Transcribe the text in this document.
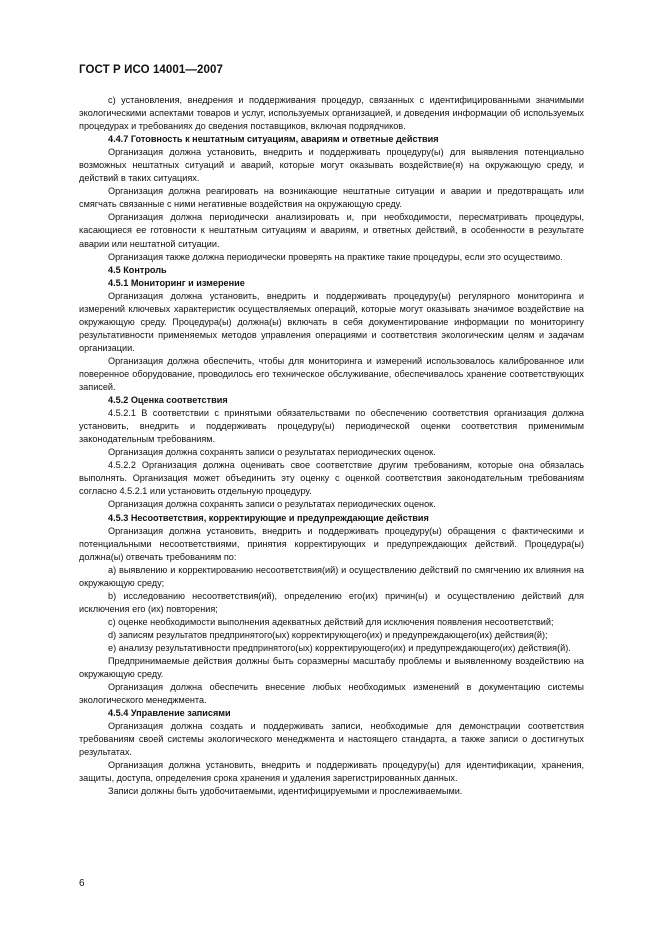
ГОСТ Р ИСО 14001—2007

с) установления, внедрения и поддерживания процедур, связанных с идентифицированными значимыми экологическими аспектами товаров и услуг, используемых организацией, и доведения информации об используемых процедурах и требованиях до сведения поставщиков, включая подрядчиков.

4.4.7 Готовность к нештатным ситуациям, авариям и ответные действия

Организация должна установить, внедрить и поддерживать процедуру(ы) для выявления потенциально возможных нештатных ситуаций и аварий, которые могут оказывать воздействие(я) на окружающую среду, и действий в таких ситуациях.

Организация должна реагировать на возникающие нештатные ситуации и аварии и предотвращать или смягчать связанные с ними негативные воздействия на окружающую среду.

Организация должна периодически анализировать и, при необходимости, пересматривать процедуры, касающиеся ее готовности к нештатным ситуациям и авариям, и ответных действий, в особенности в результате аварии или нештатной ситуации.

Организация также должна периодически проверять на практике такие процедуры, если это осуществимо.

4.5 Контроль

4.5.1 Мониторинг и измерение

Организация должна установить, внедрить и поддерживать процедуру(ы) регулярного мониторинга и измерений ключевых характеристик осуществляемых операций, которые могут оказывать значимое воздействие на окружающую среду. Процедура(ы) должна(ы) включать в себя документирование информации по мониторингу результативности применяемых методов управления операциями и соответствия экологическим целям и задачам организации.

Организация должна обеспечить, чтобы для мониторинга и измерений использовалось калиброванное или поверенное оборудование, проводилось его техническое обслуживание, обеспечивалось хранение соответствующих записей.

4.5.2 Оценка соответствия

4.5.2.1 В соответствии с принятыми обязательствами по обеспечению соответствия организация должна установить, внедрить и поддерживать процедуру(ы) периодической оценки соответствия применимым законодательным требованиям.

Организация должна сохранять записи о результатах периодических оценок.

4.5.2.2 Организация должна оценивать свое соответствие другим требованиям, которые она обязалась выполнять. Организация может объединить эту оценку с оценкой соответствия законодательным требованиям согласно 4.5.2.1 или установить отдельную процедуру.

Организация должна сохранять записи о результатах периодических оценок.

4.5.3 Несоответствия, корректирующие и предупреждающие действия

Организация должна установить, внедрить и поддерживать процедуру(ы) обращения с фактическими и потенциальными несоответствиями, принятия корректирующих и предупреждающих действий. Процедура(ы) должна(ы) отвечать требованиям по:

а) выявлению и корректированию несоответствия(ий) и осуществлению действий по смягчению их влияния на окружающую среду;

b) исследованию несоответствия(ий), определению его(их) причин(ы) и осуществлению действий для исключения его (их) повторения;

с) оценке необходимости выполнения адекватных действий для исключения появления несоответствий;

d) записям результатов предпринятого(ых) корректирующего(их) и предупреждающего(их) действия(й);

е) анализу результативности предпринятого(ых) корректирующего(их) и предупреждающего(их) действия(й).

Предпринимаемые действия должны быть соразмерны масштабу проблемы и выявленному воздействию на окружающую среду.

Организация должна обеспечить внесение любых необходимых изменений в документацию системы экологического менеджмента.

4.5.4 Управление записями

Организация должна создать и поддерживать записи, необходимые для демонстрации соответствия требованиям своей системы экологического менеджмента и настоящего стандарта, а также записи о достигнутых результатах.

Организация должна установить, внедрить и поддерживать процедуру(ы) для идентификации, хранения, защиты, доступа, определения срока хранения и удаления зарегистрированных данных.

Записи должны быть удобочитаемыми, идентифицируемыми и прослеживаемыми.

6
